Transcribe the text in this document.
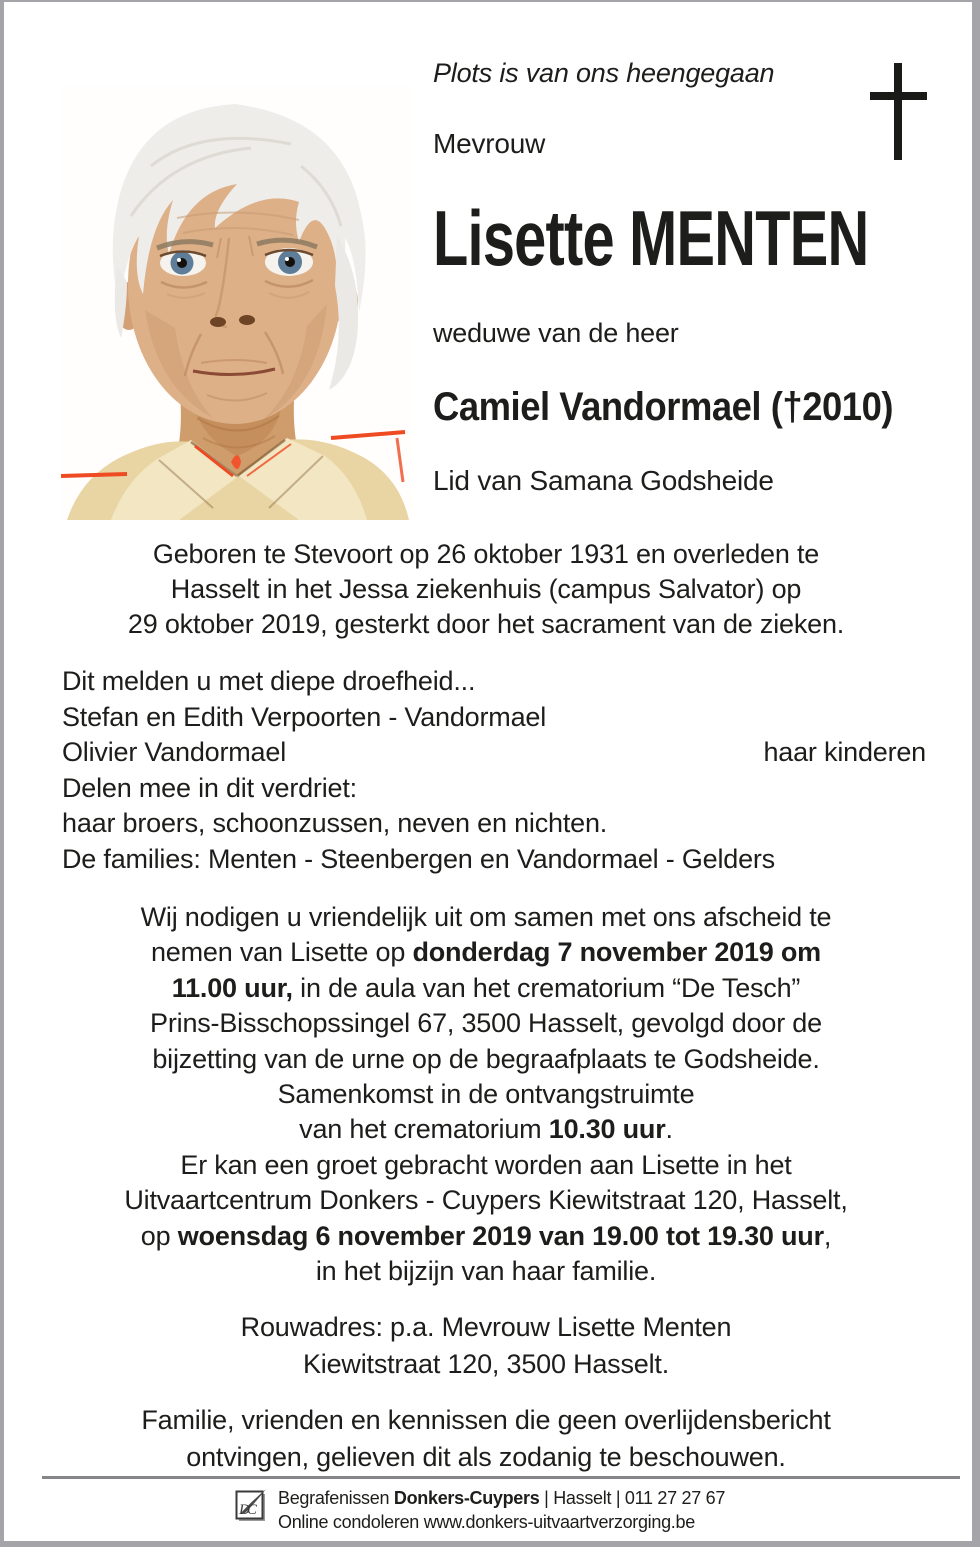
Plots is van ons heengegaan
Mevrouw
Lisette MENTEN
weduwe van de heer
Camiel Vandormael (†2010)
Lid van Samana Godsheide
Geboren te Stevoort op 26 oktober 1931 en overleden te
Hasselt in het Jessa ziekenhuis (campus Salvator) op
29 oktober 2019, gesterkt door het sacrament van de zieken.
Dit melden u met diepe droefheid...
Stefan en Edith Verpoorten - Vandormael
Olivier Vandormael	haar kinderen
Delen mee in dit verdriet:
haar broers, schoonzussen, neven en nichten.
De families: Menten - Steenbergen en Vandormael - Gelders
Wij nodigen u vriendelijk uit om samen met ons afscheid te
nemen van Lisette op donderdag 7 november 2019 om
11.00 uur, in de aula van het crematorium “De Tesch”
Prins-Bisschopssingel 67, 3500 Hasselt, gevolgd door de
bijzetting van de urne op de begraafplaats te Godsheide.
Samenkomst in de ontvangstruimte
van het crematorium 10.30 uur.
Er kan een groet gebracht worden aan Lisette in het
Uitvaartcentrum Donkers - Cuypers Kiewitstraat 120, Hasselt,
op woensdag 6 november 2019 van 19.00 tot 19.30 uur,
in het bijzijn van haar familie.
Rouwadres: p.a. Mevrouw Lisette Menten
Kiewitstraat 120, 3500 Hasselt.
Familie, vrienden en kennissen die geen overlijdensbericht
ontvingen, gelieven dit als zodanig te beschouwen.
DC
Begrafenissen Donkers-Cuypers | Hasselt | 011 27 27 67
Online condoleren www.donkers-uitvaartverzorging.be
